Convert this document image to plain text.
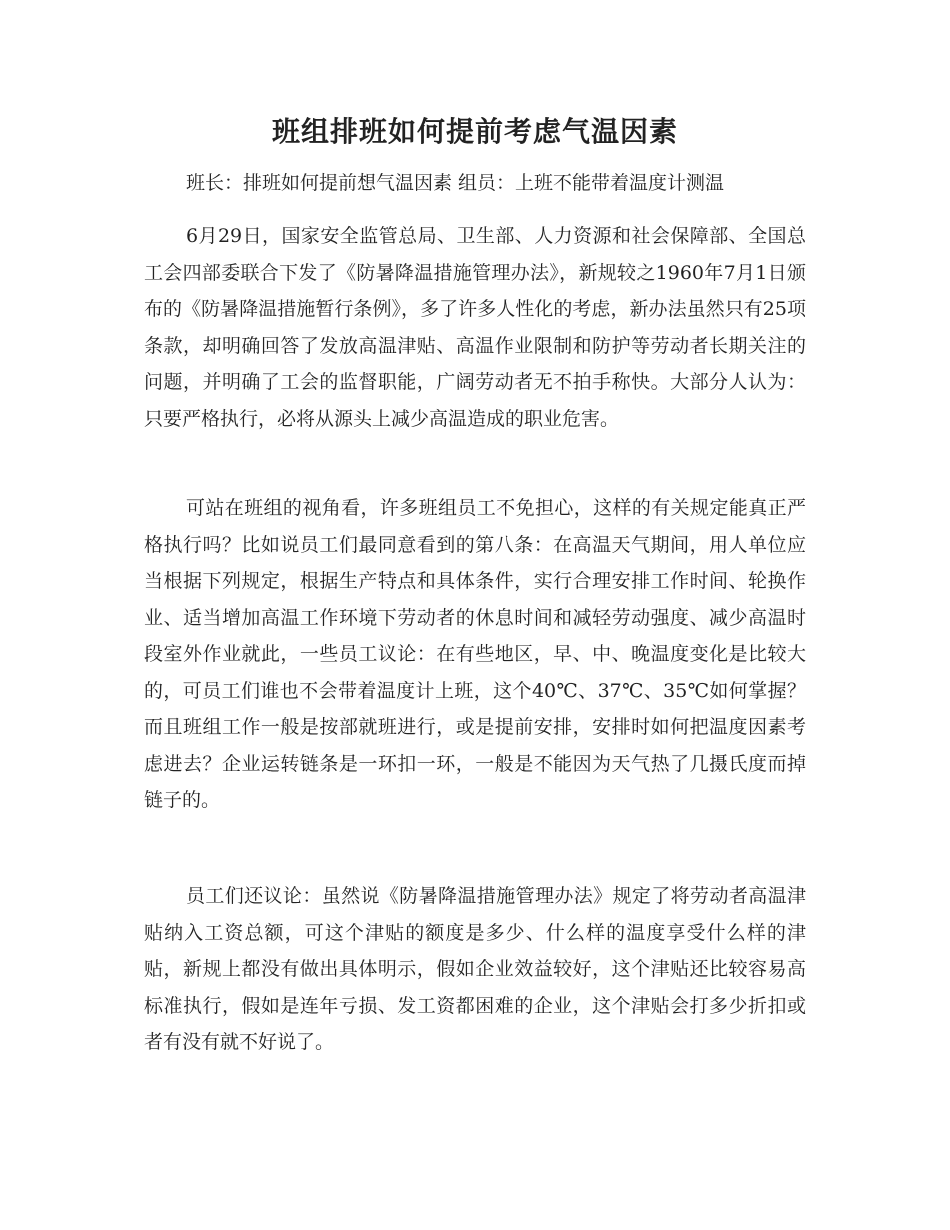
班组排班如何提前考虑气温因素
班长：排班如何提前想气温因素 组员：上班不能带着温度计测温

6月29日，国家安全监管总局、卫生部、人力资源和社会保障部、全国总工会四部委联合下发了《防暑降温措施管理办法》，新规较之1960年7月1日颁布的《防暑降温措施暂行条例》，多了许多人性化的考虑，新办法虽然只有25项条款，却明确回答了发放高温津贴、高温作业限制和防护等劳动者长期关注的问题，并明确了工会的监督职能，广阔劳动者无不拍手称快。大部分人认为：只要严格执行，必将从源头上减少高温造成的职业危害。

可站在班组的视角看，许多班组员工不免担心，这样的有关规定能真正严格执行吗？比如说员工们最同意看到的第八条：在高温天气期间，用人单位应当根据下列规定，根据生产特点和具体条件，实行合理安排工作时间、轮换作业、适当增加高温工作环境下劳动者的休息时间和减轻劳动强度、减少高温时段室外作业就此，一些员工议论：在有些地区，早、中、晚温度变化是比较大的，可员工们谁也不会带着温度计上班，这个40℃、37℃、35℃如何掌握？而且班组工作一般是按部就班进行，或是提前安排，安排时如何把温度因素考虑进去？企业运转链条是一环扣一环，一般是不能因为天气热了几摄氏度而掉链子的。

员工们还议论：虽然说《防暑降温措施管理办法》规定了将劳动者高温津贴纳入工资总额，可这个津贴的额度是多少、什么样的温度享受什么样的津贴，新规上都没有做出具体明示，假如企业效益较好，这个津贴还比较容易高标准执行，假如是连年亏损、发工资都困难的企业，这个津贴会打多少折扣或者有没有就不好说了。
